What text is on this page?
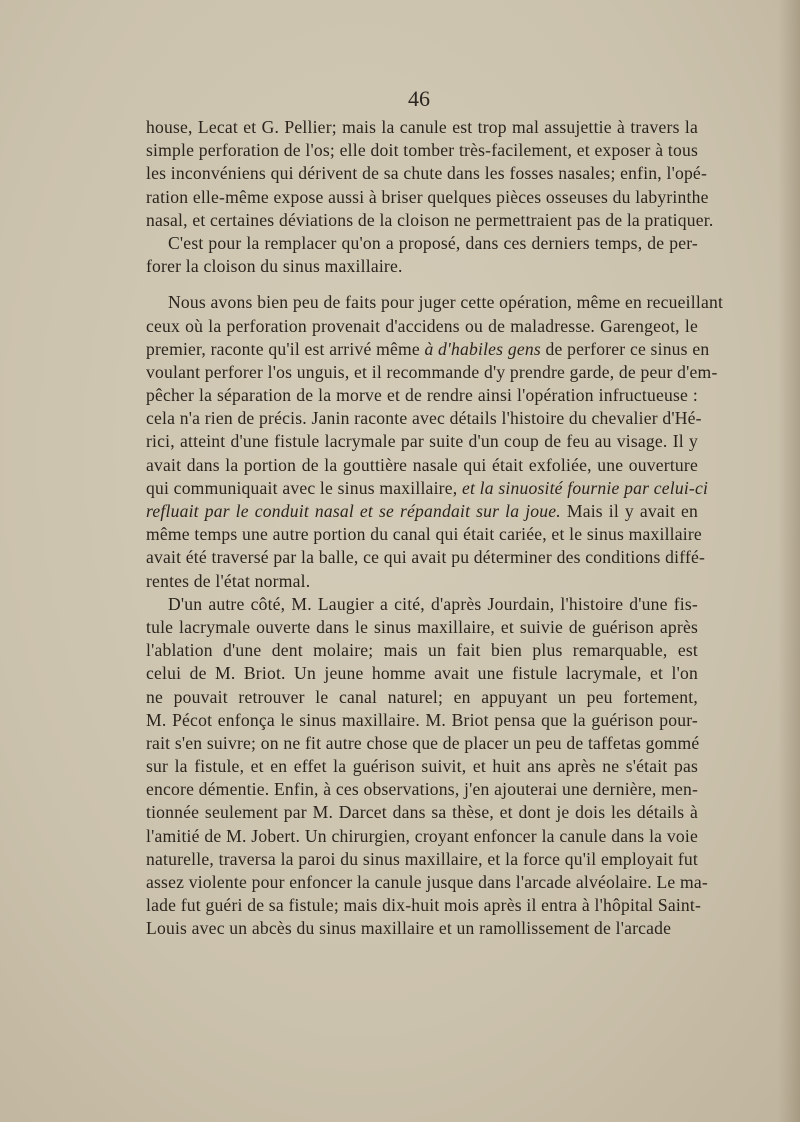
46
house, Lecat et G. Pellier; mais la canule est trop mal assujettie à travers la
simple perforation de l'os; elle doit tomber très-facilement, et exposer à tous
les inconvéniens qui dérivent de sa chute dans les fosses nasales; enfin, l'opé-
ration elle-même expose aussi à briser quelques pièces osseuses du labyrinthe
nasal, et certaines déviations de la cloison ne permettraient pas de la pratiquer.
C'est pour la remplacer qu'on a proposé, dans ces derniers temps, de per-
forer la cloison du sinus maxillaire.
Nous avons bien peu de faits pour juger cette opération, même en recueillant
ceux où la perforation provenait d'accidens ou de maladresse. Garengeot, le
premier, raconte qu'il est arrivé même à d'habiles gens de perforer ce sinus en
voulant perforer l'os unguis, et il recommande d'y prendre garde, de peur d'em-
pêcher la séparation de la morve et de rendre ainsi l'opération infructueuse :
cela n'a rien de précis. Janin raconte avec détails l'histoire du chevalier d'Hé-
rici, atteint d'une fistule lacrymale par suite d'un coup de feu au visage. Il y
avait dans la portion de la gouttière nasale qui était exfoliée, une ouverture
qui communiquait avec le sinus maxillaire, et la sinuosité fournie par celui-ci
refluait par le conduit nasal et se répandait sur la joue. Mais il y avait en
même temps une autre portion du canal qui était cariée, et le sinus maxillaire
avait été traversé par la balle, ce qui avait pu déterminer des conditions diffé-
rentes de l'état normal.
D'un autre côté, M. Laugier a cité, d'après Jourdain, l'histoire d'une fis-
tule lacrymale ouverte dans le sinus maxillaire, et suivie de guérison après
l'ablation d'une dent molaire; mais un fait bien plus remarquable, est
celui de M. Briot. Un jeune homme avait une fistule lacrymale, et l'on
ne pouvait retrouver le canal naturel; en appuyant un peu fortement,
M. Pécot enfonça le sinus maxillaire. M. Briot pensa que la guérison pour-
rait s'en suivre; on ne fit autre chose que de placer un peu de taffetas gommé
sur la fistule, et en effet la guérison suivit, et huit ans après ne s'était pas
encore démentie. Enfin, à ces observations, j'en ajouterai une dernière, men-
tionnée seulement par M. Darcet dans sa thèse, et dont je dois les détails à
l'amitié de M. Jobert. Un chirurgien, croyant enfoncer la canule dans la voie
naturelle, traversa la paroi du sinus maxillaire, et la force qu'il employait fut
assez violente pour enfoncer la canule jusque dans l'arcade alvéolaire. Le ma-
lade fut guéri de sa fistule; mais dix-huit mois après il entra à l'hôpital Saint-
Louis avec un abcès du sinus maxillaire et un ramollissement de l'arcade
